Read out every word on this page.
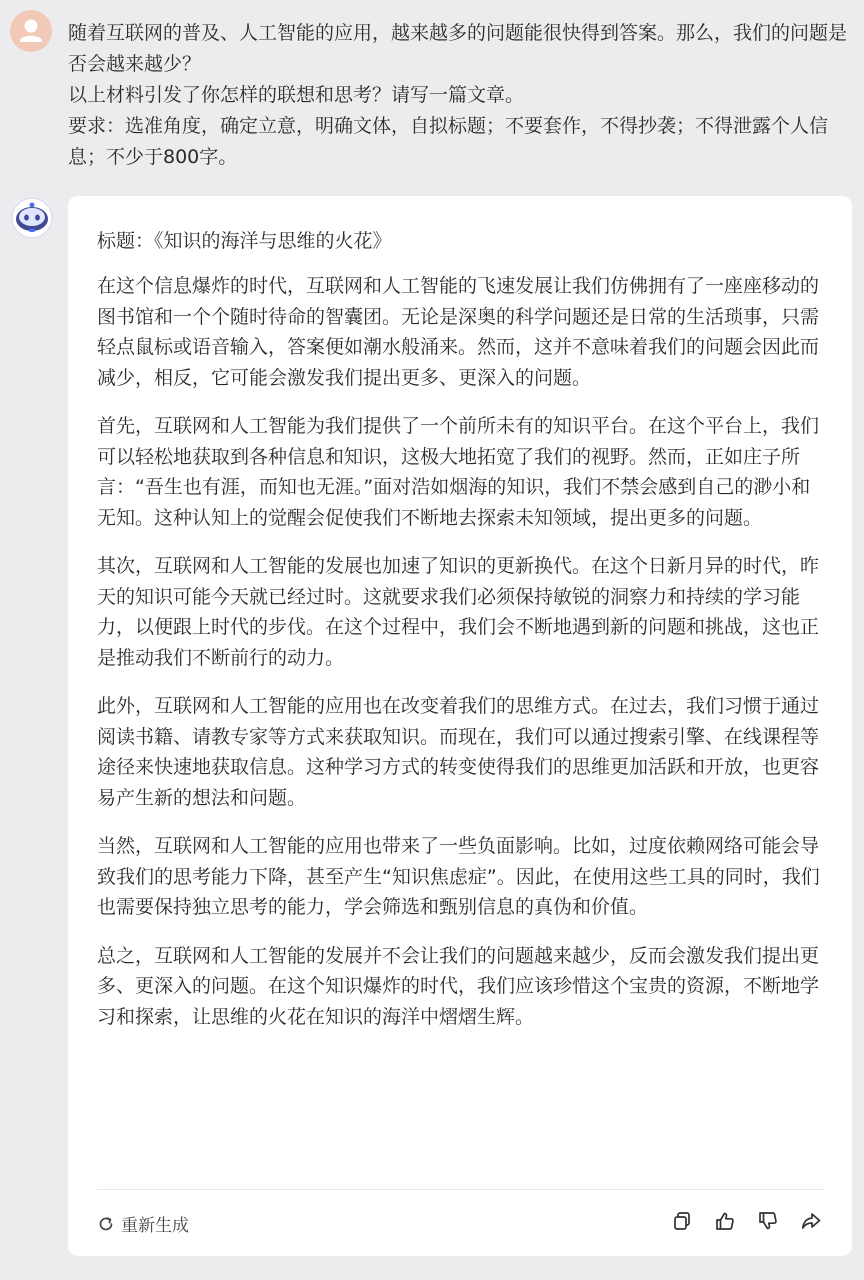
随着互联网的普及、人工智能的应用，越来越多的问题能很快得到答案。那么，我们的问题是否会越来越少？

以上材料引发了你怎样的联想和思考？请写一篇文章。

要求：选准角度，确定立意，明确文体，自拟标题；不要套作，不得抄袭；不得泄露个人信息；不少于800字。

标题：《知识的海洋与思维的火花》

在这个信息爆炸的时代，互联网和人工智能的飞速发展让我们仿佛拥有了一座座移动的图书馆和一个个随时待命的智囊团。无论是深奥的科学问题还是日常的生活琐事，只需轻点鼠标或语音输入，答案便如潮水般涌来。然而，这并不意味着我们的问题会因此而减少，相反，它可能会激发我们提出更多、更深入的问题。

首先，互联网和人工智能为我们提供了一个前所未有的知识平台。在这个平台上，我们可以轻松地获取到各种信息和知识，这极大地拓宽了我们的视野。然而，正如庄子所言：“吾生也有涯，而知也无涯。”面对浩如烟海的知识，我们不禁会感到自己的渺小和无知。这种认知上的觉醒会促使我们不断地去探索未知领域，提出更多的问题。

其次，互联网和人工智能的发展也加速了知识的更新换代。在这个日新月异的时代，昨天的知识可能今天就已经过时。这就要求我们必须保持敏锐的洞察力和持续的学习能力，以便跟上时代的步伐。在这个过程中，我们会不断地遇到新的问题和挑战，这也正是推动我们不断前行的动力。

此外，互联网和人工智能的应用也在改变着我们的思维方式。在过去，我们习惯于通过阅读书籍、请教专家等方式来获取知识。而现在，我们可以通过搜索引擎、在线课程等途径来快速地获取信息。这种学习方式的转变使得我们的思维更加活跃和开放，也更容易产生新的想法和问题。

当然，互联网和人工智能的应用也带来了一些负面影响。比如，过度依赖网络可能会导致我们的思考能力下降，甚至产生“知识焦虑症”。因此，在使用这些工具的同时，我们也需要保持独立思考的能力，学会筛选和甄别信息的真伪和价值。

总之，互联网和人工智能的发展并不会让我们的问题越来越少，反而会激发我们提出更多、更深入的问题。在这个知识爆炸的时代，我们应该珍惜这个宝贵的资源，不断地学习和探索，让思维的火花在知识的海洋中熠熠生辉。

重新生成
